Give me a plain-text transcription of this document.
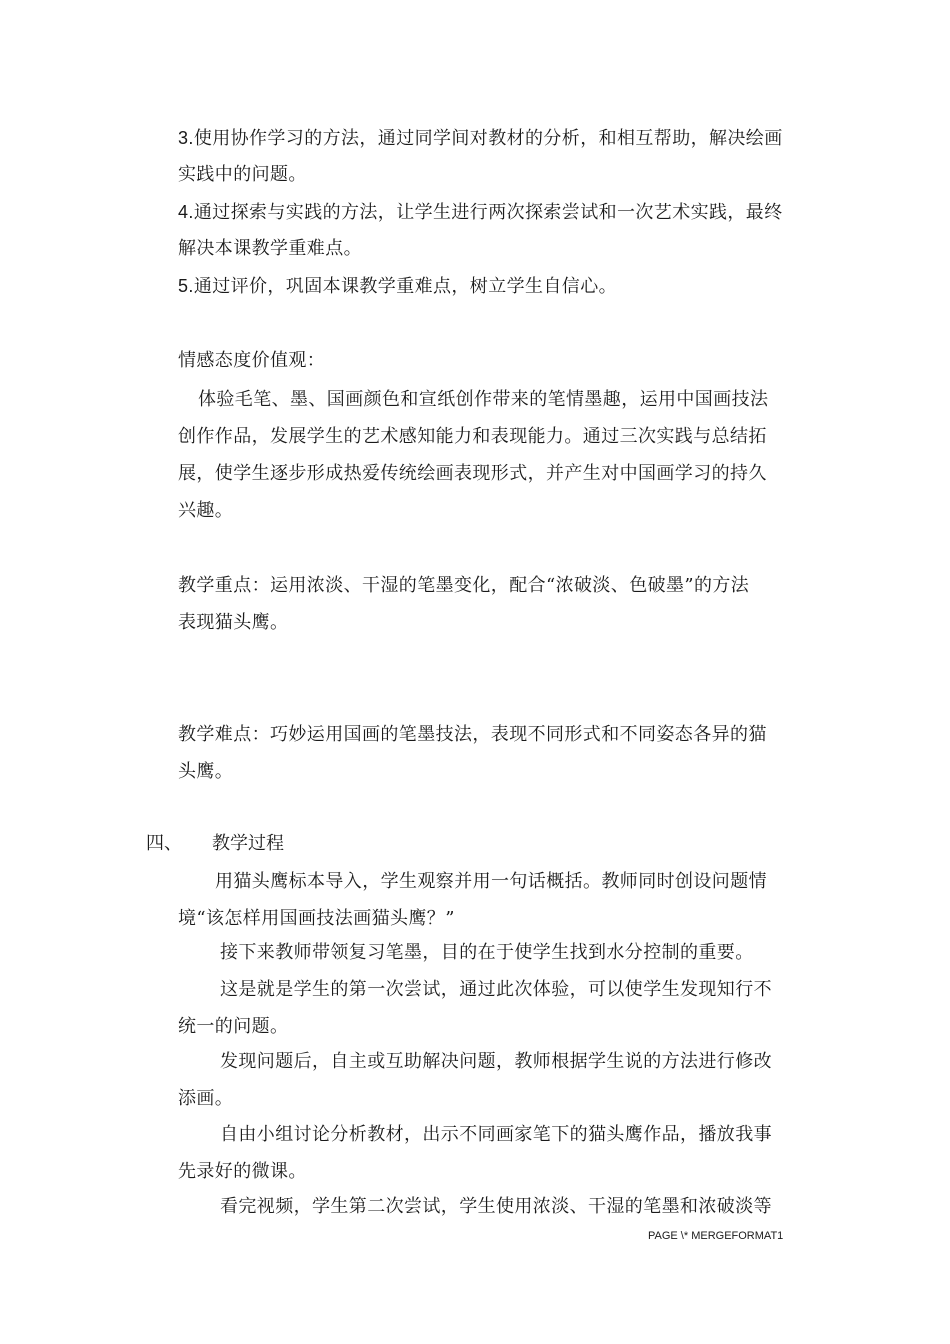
3.使用协作学习的方法，通过同学间对教材的分析，和相互帮助，解决绘画
实践中的问题。
4.通过探索与实践的方法，让学生进行两次探索尝试和一次艺术实践，最终
解决本课教学重难点。
5.通过评价，巩固本课教学重难点，树立学生自信心。
情感态度价值观：
体验毛笔、墨、国画颜色和宣纸创作带来的笔情墨趣，运用中国画技法
创作作品，发展学生的艺术感知能力和表现能力。通过三次实践与总结拓
展，使学生逐步形成热爱传统绘画表现形式，并产生对中国画学习的持久
兴趣。
教学重点：运用浓淡、干湿的笔墨变化，配合“浓破淡、色破墨”的方法
表现猫头鹰。
教学难点：巧妙运用国画的笔墨技法，表现不同形式和不同姿态各异的猫
头鹰。
四、 教学过程
用猫头鹰标本导入，学生观察并用一句话概括。教师同时创设问题情
境“该怎样用国画技法画猫头鹰？”
接下来教师带领复习笔墨，目的在于使学生找到水分控制的重要。
这是就是学生的第一次尝试，通过此次体验，可以使学生发现知行不
统一的问题。
发现问题后，自主或互助解决问题，教师根据学生说的方法进行修改
添画。
自由小组讨论分析教材，出示不同画家笔下的猫头鹰作品，播放我事
先录好的微课。
看完视频，学生第二次尝试，学生使用浓淡、干湿的笔墨和浓破淡等
PAGE \* MERGEFORMAT1
